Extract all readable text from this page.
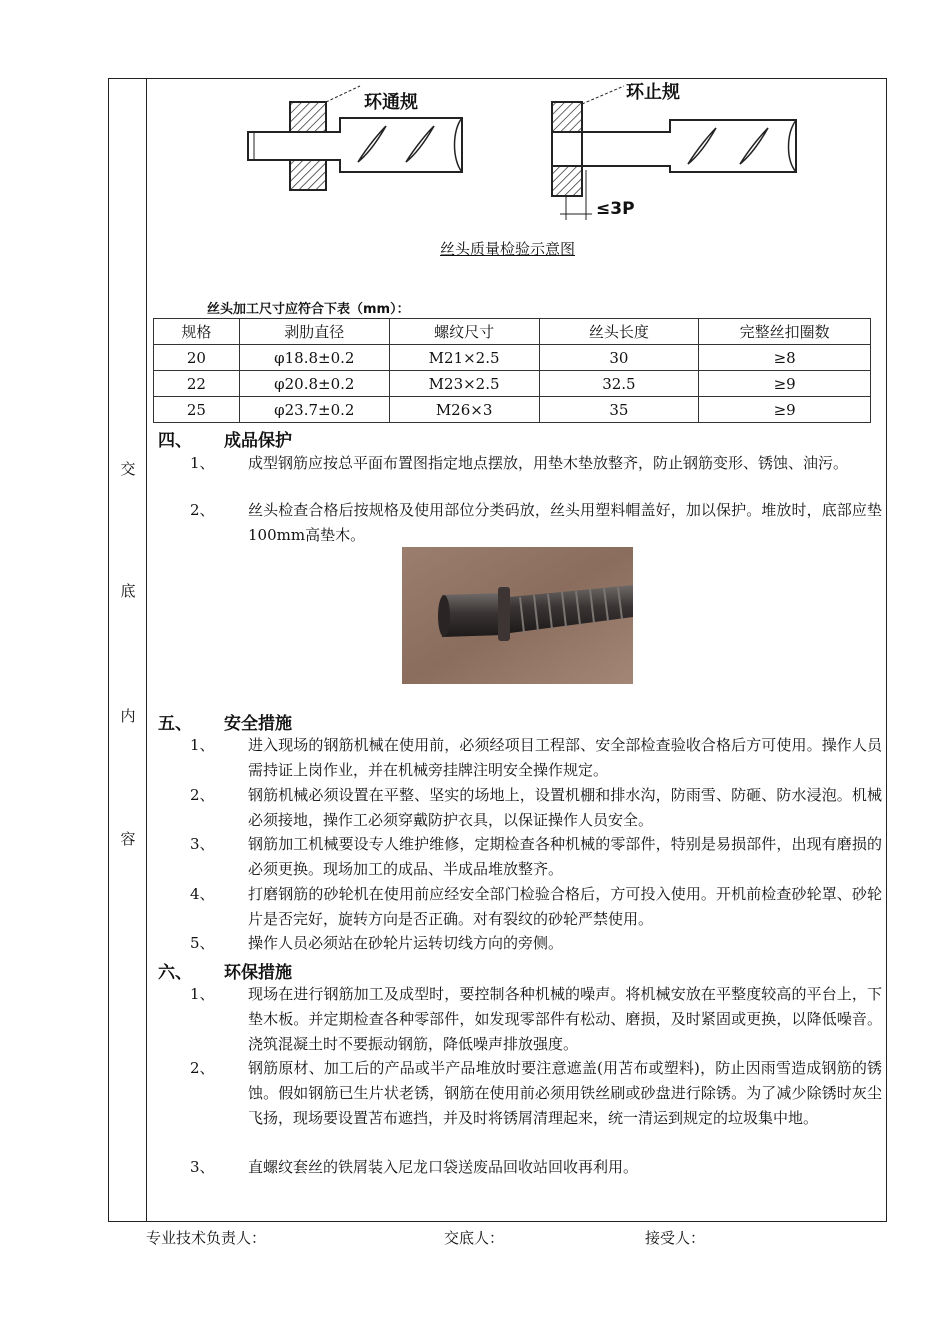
交
底
内
容
环通规	环止规
≤3P
丝头质量检验示意图
丝头加工尺寸应符合下表（mm）：
规格	剥肋直径	螺纹尺寸	丝头长度	完整丝扣圈数
20	φ18.8±0.2	M21×2.5	30	≥8
22	φ20.8±0.2	M23×2.5	32.5	≥9
25	φ23.7±0.2	M26×3	35	≥9
四、 成品保护
1、	成型钢筋应按总平面布置图指定地点摆放，用垫木垫放整齐，防止钢筋变形、锈蚀、油污。
2、	丝头检查合格后按规格及使用部位分类码放，丝头用塑料帽盖好，加以保护。堆放时，底部应垫100mm高垫木。
五、 安全措施
1、	进入现场的钢筋机械在使用前，必须经项目工程部、安全部检查验收合格后方可使用。操作人员需持证上岗作业，并在机械旁挂牌注明安全操作规定。
2、	钢筋机械必须设置在平整、坚实的场地上，设置机棚和排水沟，防雨雪、防砸、防水浸泡。机械必须接地，操作工必须穿戴防护衣具，以保证操作人员安全。
3、	钢筋加工机械要设专人维护维修，定期检查各种机械的零部件，特别是易损部件，出现有磨损的必须更换。现场加工的成品、半成品堆放整齐。
4、	打磨钢筋的砂轮机在使用前应经安全部门检验合格后，方可投入使用。开机前检查砂轮罩、砂轮片是否完好，旋转方向是否正确。对有裂纹的砂轮严禁使用。
5、	操作人员必须站在砂轮片运转切线方向的旁侧。
六、 环保措施
1、	现场在进行钢筋加工及成型时，要控制各种机械的噪声。将机械安放在平整度较高的平台上，下垫木板。并定期检查各种零部件，如发现零部件有松动、磨损，及时紧固或更换，以降低噪音。浇筑混凝土时不要振动钢筋，降低噪声排放强度。
2、	钢筋原材、加工后的产品或半产品堆放时要注意遮盖(用苫布或塑料)，防止因雨雪造成钢筋的锈蚀。假如钢筋已生片状老锈，钢筋在使用前必须用铁丝刷或砂盘进行除锈。为了减少除锈时灰尘飞扬，现场要设置苫布遮挡，并及时将锈屑清理起来，统一清运到规定的垃圾集中地。
3、	直螺纹套丝的铁屑装入尼龙口袋送废品回收站回收再利用。
专业技术负责人：	交底人：	接受人：
